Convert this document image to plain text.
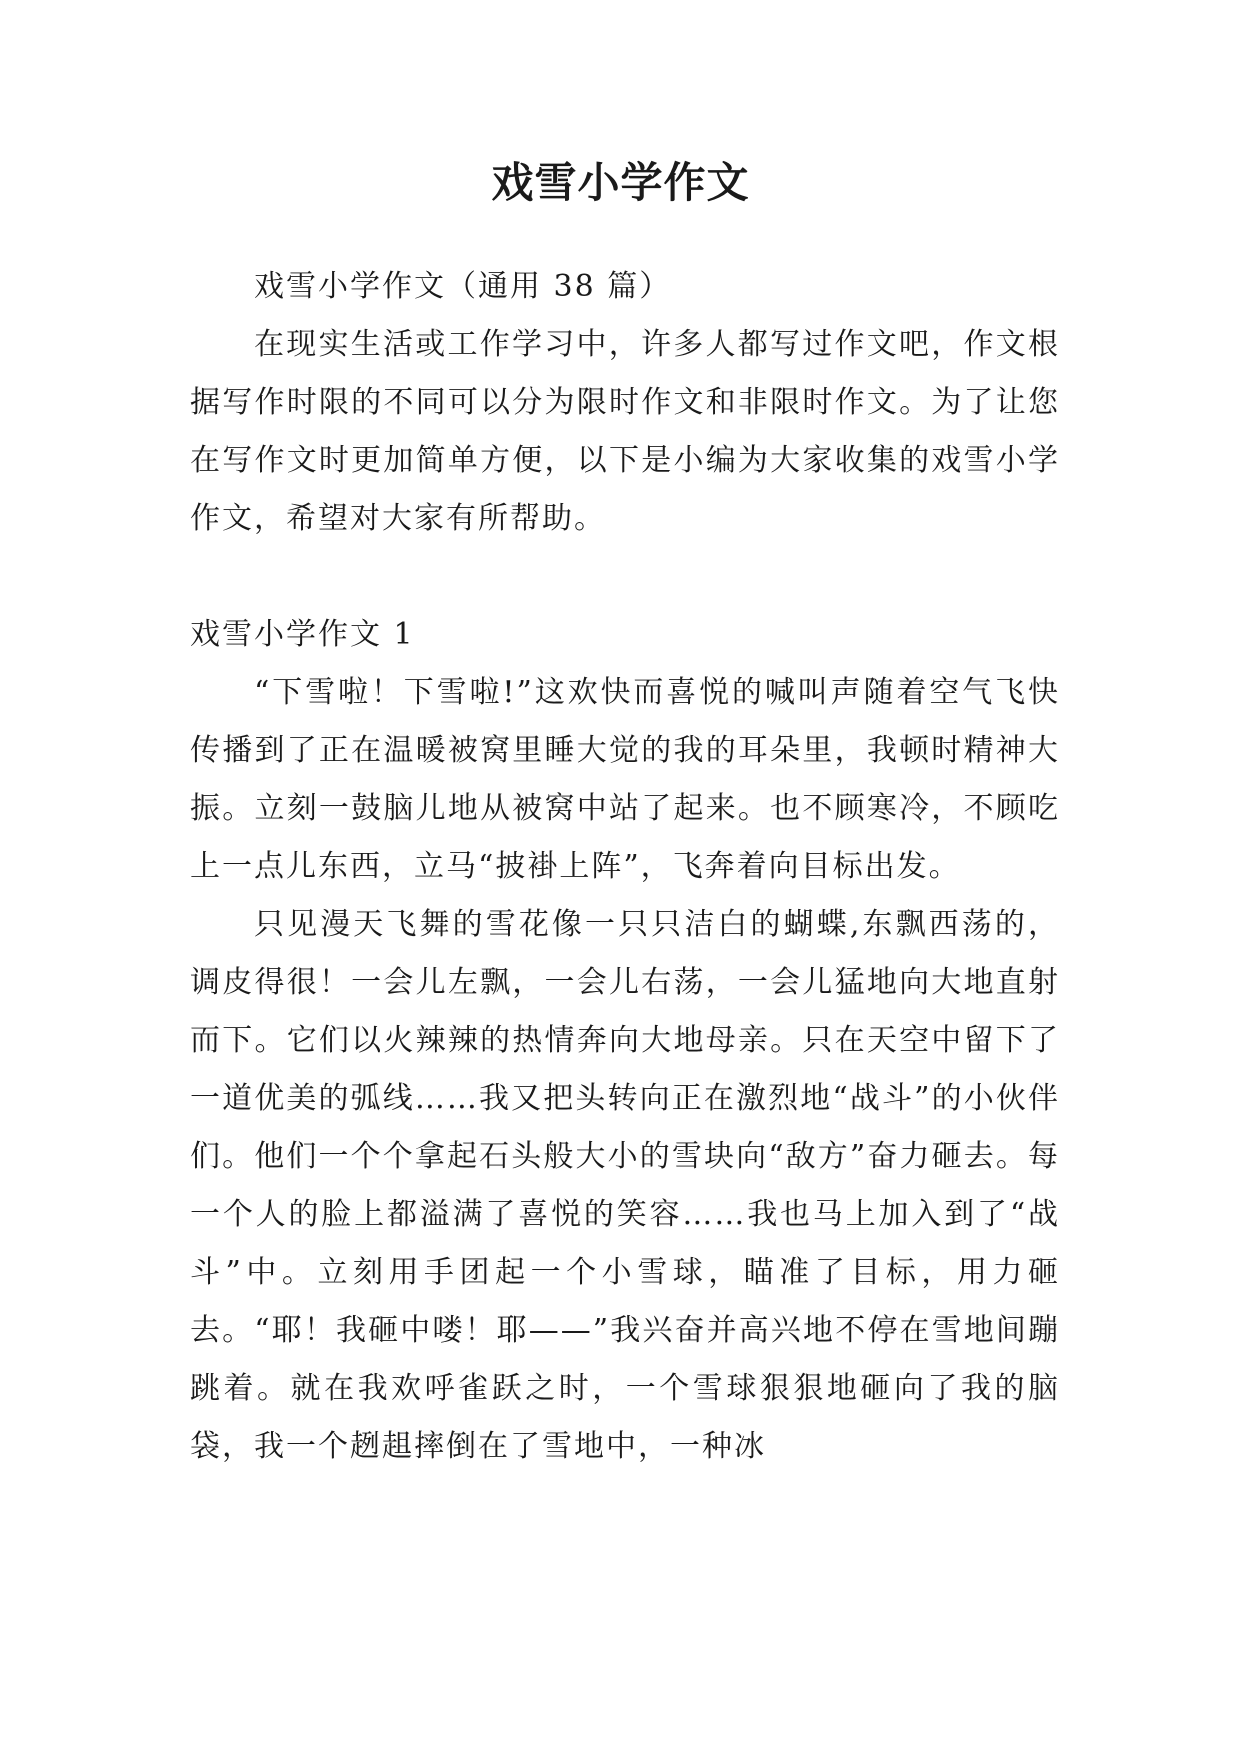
戏雪小学作文

戏雪小学作文（通用 38 篇）

在现实生活或工作学习中，许多人都写过作文吧，作文根据写作时限的不同可以分为限时作文和非限时作文。为了让您在写作文时更加简单方便，以下是小编为大家收集的戏雪小学作文，希望对大家有所帮助。

戏雪小学作文 1

“下雪啦！下雪啦!”这欢快而喜悦的喊叫声随着空气飞快传播到了正在温暖被窝里睡大觉的我的耳朵里，我顿时精神大振。立刻一鼓脑儿地从被窝中站了起来。也不顾寒冷，不顾吃上一点儿东西，立马“披褂上阵”，飞奔着向目标出发。

只见漫天飞舞的雪花像一只只洁白的蝴蝶,东飘西荡的，调皮得很！一会儿左飘，一会儿右荡，一会儿猛地向大地直射而下。它们以火辣辣的热情奔向大地母亲。只在天空中留下了一道优美的弧线……我又把头转向正在激烈地“战斗”的小伙伴们。他们一个个拿起石头般大小的雪块向“敌方”奋力砸去。每一个人的脸上都溢满了喜悦的笑容……我也马上加入到了“战斗”中。立刻用手团起一个小雪球，瞄准了目标，用力砸去。“耶！我砸中喽！耶——”我兴奋并高兴地不停在雪地间蹦跳着。就在我欢呼雀跃之时，一个雪球狠狠地砸向了我的脑袋，我一个趔趄摔倒在了雪地中，一种冰
